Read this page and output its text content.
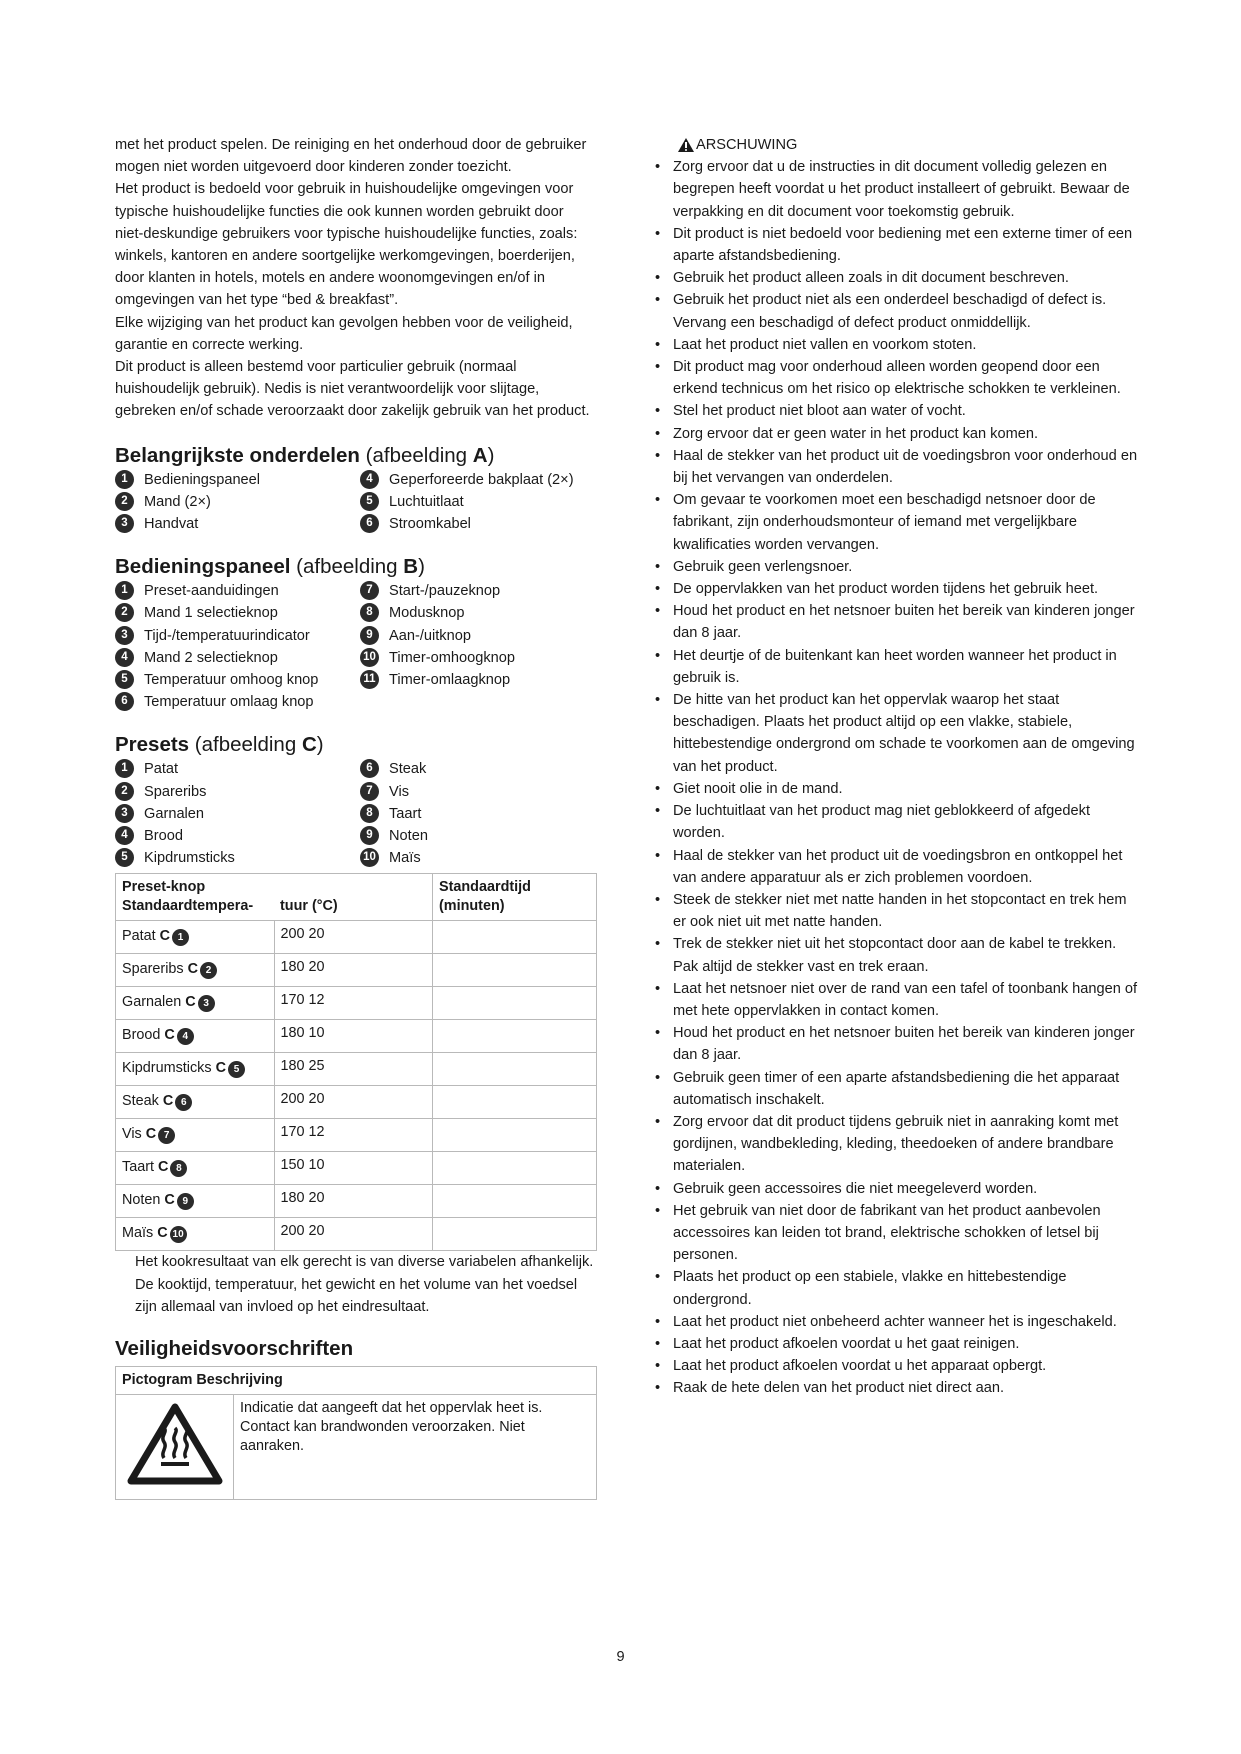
met het product spelen. De reiniging en het onderhoud door de gebruiker mogen niet worden uitgevoerd door kinderen zonder toezicht.

Het product is bedoeld voor gebruik in huishoudelijke omgevingen voor typische huishoudelijke functies die ook kunnen worden gebruikt door niet-deskundige gebruikers voor typische huishoudelijke functies, zoals: winkels, kantoren en andere soortgelijke werkomgevingen, boerderijen, door klanten in hotels, motels en andere woonomgevingen en/of in omgevingen van het type “bed & breakfast”.

Elke wijziging van het product kan gevolgen hebben voor de veiligheid, garantie en correcte werking.

Dit product is alleen bestemd voor particulier gebruik (normaal huishoudelijk gebruik). Nedis is niet verantwoordelijk voor slijtage, gebreken en/of schade veroorzaakt door zakelijk gebruik van het product.

Belangrijkste onderdelen (afbeelding A)
1	Bedieningspaneel
2	Mand (2×)
3	Handvat
4	Geperforeerde bakplaat (2×)
5	Luchtuitlaat
6	Stroomkabel
Bedieningspaneel (afbeelding B)
1	Preset-aanduidingen
2	Mand 1 selectieknop
3	Tijd-/temperatuurindicator
4	Mand 2 selectieknop
5	Temperatuur omhoog knop
6	Temperatuur omlaag knop
7	Start-/pauzeknop
8	Modusknop
9	Aan-/uitknop
10 Timer-omhoogknop
11 Timer-omlaagknop
Presets (afbeelding C)
1	Patat
2	Spareribs
3	Garnalen
4	Brood
5	Kipdrumsticks
6	Steak
7	Vis
8	Taart
9	Noten
10 Maïs
Preset-knop Standaardtempera-	tuur (°C)	Standaardtijd (minuten)
Patat C 1	200 20	
Spareribs C 2	180 20	
Garnalen C 3	170 12	
Brood C 4	180 10	
Kipdrumsticks C 5	180 25	
Steak C 6	200 20	
Vis C 7	170 12	
Taart C 8	150 10	
Noten C 9	180 20	
Maïs C 10	200 20	

Het kookresultaat van elk gerecht is van diverse variabelen afhankelijk. De kooktijd, temperatuur, het gewicht en het volume van het voedsel zijn allemaal van invloed op het eindresultaat.

Veiligheidsvoorschriften
Pictogram Beschrijving
	Indicatie dat aangeeft dat het oppervlak heet is. Contact kan brandwonden veroorzaken. Niet aanraken.
ARSCHUWING
• Zorg ervoor dat u de instructies in dit document volledig gelezen en begrepen heeft voordat u het product installeert of gebruikt. Bewaar de verpakking en dit document voor toekomstig gebruik.
• Dit product is niet bedoeld voor bediening met een externe timer of een aparte afstandsbediening.
• Gebruik het product alleen zoals in dit document beschreven.
• Gebruik het product niet als een onderdeel beschadigd of defect is. Vervang een beschadigd of defect product onmiddellijk.
• Laat het product niet vallen en voorkom stoten.
• Dit product mag voor onderhoud alleen worden geopend door een erkend technicus om het risico op elektrische schokken te verkleinen.
• Stel het product niet bloot aan water of vocht.
• Zorg ervoor dat er geen water in het product kan komen.
• Haal de stekker van het product uit de voedingsbron voor onderhoud en bij het vervangen van onderdelen.
• Om gevaar te voorkomen moet een beschadigd netsnoer door de fabrikant, zijn onderhoudsmonteur of iemand met vergelijkbare kwalificaties worden vervangen.
• Gebruik geen verlengsnoer.
• De oppervlakken van het product worden tijdens het gebruik heet.
• Houd het product en het netsnoer buiten het bereik van kinderen jonger dan 8 jaar.
• Het deurtje of de buitenkant kan heet worden wanneer het product in gebruik is.
• De hitte van het product kan het oppervlak waarop het staat beschadigen. Plaats het product altijd op een vlakke, stabiele, hittebestendige ondergrond om schade te voorkomen aan de omgeving van het product.
• Giet nooit olie in de mand.
• De luchtuitlaat van het product mag niet geblokkeerd of afgedekt worden.
• Haal de stekker van het product uit de voedingsbron en ontkoppel het van andere apparatuur als er zich problemen voordoen.
• Steek de stekker niet met natte handen in het stopcontact en trek hem er ook niet uit met natte handen.
• Trek de stekker niet uit het stopcontact door aan de kabel te trekken. Pak altijd de stekker vast en trek eraan.
• Laat het netsnoer niet over de rand van een tafel of toonbank hangen of met hete oppervlakken in contact komen.
• Houd het product en het netsnoer buiten het bereik van kinderen jonger dan 8 jaar.
• Gebruik geen timer of een aparte afstandsbediening die het apparaat automatisch inschakelt.
• Zorg ervoor dat dit product tijdens gebruik niet in aanraking komt met gordijnen, wandbekleding, kleding, theedoeken of andere brandbare materialen.
• Gebruik geen accessoires die niet meegeleverd worden.
• Het gebruik van niet door de fabrikant van het product aanbevolen accessoires kan leiden tot brand, elektrische schokken of letsel bij personen.
• Plaats het product op een stabiele, vlakke en hittebestendige ondergrond.
• Laat het product niet onbeheerd achter wanneer het is ingeschakeld.
• Laat het product afkoelen voordat u het gaat reinigen.
• Laat het product afkoelen voordat u het apparaat opbergt.
• Raak de hete delen van het product niet direct aan.
9
